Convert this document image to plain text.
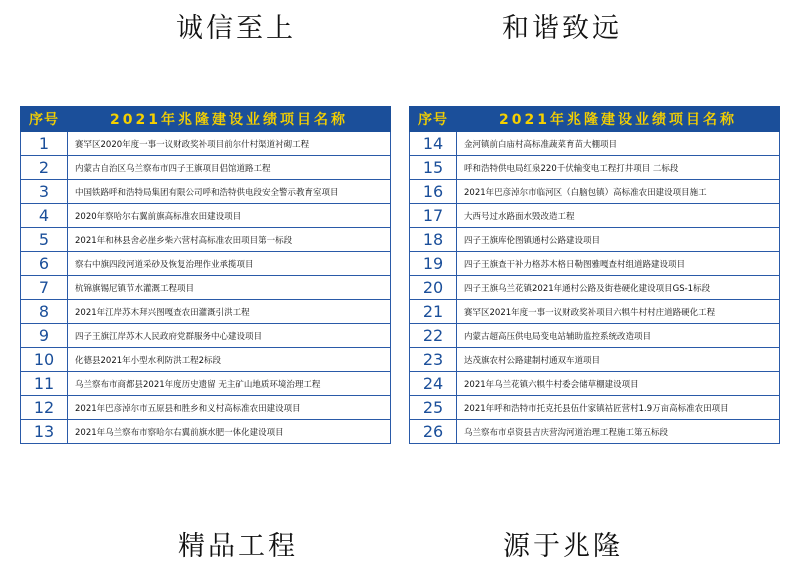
诚信至上	和谐致远
精品工程	源于兆隆
序号	2021年兆隆建设业绩项目名称
1	赛罕区2020年度一事一议财政奖补项目前尔什村渠道衬砌工程
2	内蒙古自治区乌兰察布市四子王旗项目侣馆道路工程
3	中国铁路呼和浩特局集团有限公司呼和浩特供电段安全警示教育室项目
4	2020年察哈尔右翼前旗高标准农田建设项目
5	2021年和林县舍必崖乡柴六营村高标准农田项目第一标段
6	察右中旗四段河道采砂及恢复治理作业承揽项目
7	杭锦旗锡尼镇节水灌溉工程项目
8	2021年江岸苏木拜兴图嘎查农田灌溉引洪工程
9	四子王旗江岸苏木人民政府党群服务中心建设项目
10	化德县2021年小型水利防洪工程2标段
11	乌兰察布市商都县2021年度历史遗留 无主矿山地质环境治理工程
12	2021年巴彦淖尔市五原县和胜乡和义村高标准农田建设项目
13	2021年乌兰察布市察哈尔右翼前旗水肥一体化建设项目
序号	2021年兆隆建设业绩项目名称
14	金河镇前白庙村高标准蔬菜育苗大棚项目
15	呼和浩特供电局红泉220千伏输变电工程打井项目 二标段
16	2021年巴彦淖尔市临河区（白脑包镇）高标准农田建设项目施工
17	大西号过水路面水毁改造工程
18	四子王旗库伦图镇通村公路建设项目
19	四子王旗查干补力格苏木格日勒图雅嘎查村组道路建设项目
20	四子王旗乌兰花镇2021年通村公路及街巷硬化建设项目GS-1标段
21	赛罕区2021年度一事一议财政奖补项目六犋牛村村庄道路硬化工程
22	内蒙古超高压供电局变电站辅助监控系统改造项目
23	达茂旗农村公路建制村通双车道项目
24	2021年乌兰花镇六犋牛村委会储草棚建设项目
25	2021年呼和浩特市托克托县伍什家镇祜匠营村1.9万亩高标准农田项目
26	乌兰察布市卓资县吉庆营沟河道治理工程施工第五标段
